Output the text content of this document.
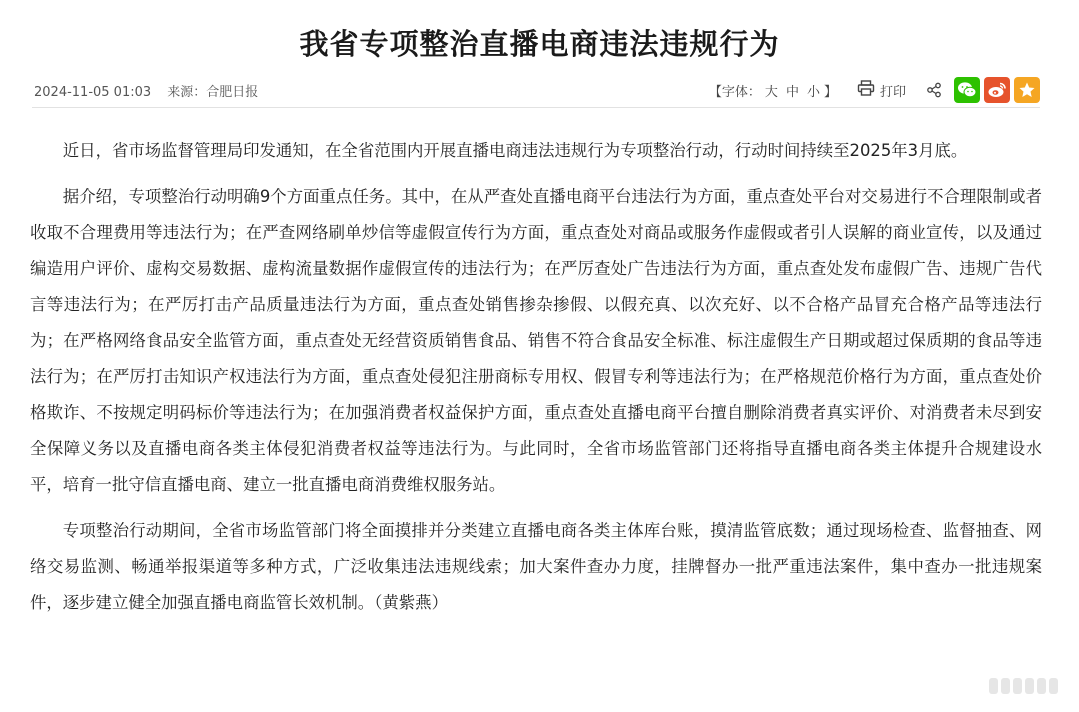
我省专项整治直播电商违法违规行为
2024-11-05 01:03 来源：合肥日报	【字体： 大 中 小 】	打印

近日，省市场监督管理局印发通知，在全省范围内开展直播电商违法违规行为专项整治行动，行动时间持续至2025年3月底。

据介绍，专项整治行动明确9个方面重点任务。其中，在从严查处直播电商平台违法行为方面，重点查处平台对交易进行不合理限制或者收取不合理费用等违法行为；在严查网络刷单炒信等虚假宣传行为方面，重点查处对商品或服务作虚假或者引人误解的商业宣传，以及通过编造用户评价、虚构交易数据、虚构流量数据作虚假宣传的违法行为；在严厉查处广告违法行为方面，重点查处发布虚假广告、违规广告代言等违法行为；在严厉打击产品质量违法行为方面，重点查处销售掺杂掺假、以假充真、以次充好、以不合格产品冒充合格产品等违法行为；在严格网络食品安全监管方面，重点查处无经营资质销售食品、销售不符合食品安全标准、标注虚假生产日期或超过保质期的食品等违法行为；在严厉打击知识产权违法行为方面，重点查处侵犯注册商标专用权、假冒专利等违法行为；在严格规范价格行为方面，重点查处价格欺诈、不按规定明码标价等违法行为；在加强消费者权益保护方面，重点查处直播电商平台擅自删除消费者真实评价、对消费者未尽到安全保障义务以及直播电商各类主体侵犯消费者权益等违法行为。与此同时，全省市场监管部门还将指导直播电商各类主体提升合规建设水平，培育一批守信直播电商、建立一批直播电商消费维权服务站。

专项整治行动期间，全省市场监管部门将全面摸排并分类建立直播电商各类主体库台账，摸清监管底数；通过现场检查、监督抽查、网络交易监测、畅通举报渠道等多种方式，广泛收集违法违规线索；加大案件查办力度，挂牌督办一批严重违法案件，集中查办一批违规案件，逐步建立健全加强直播电商监管长效机制。（黄紫燕）
